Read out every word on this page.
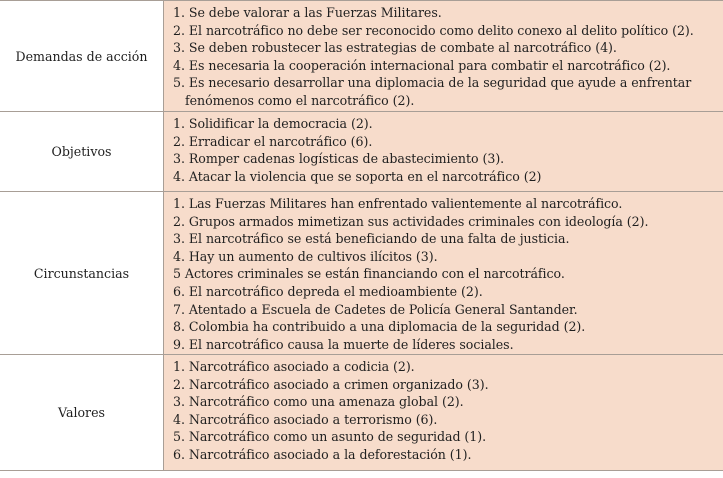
Demandas de acción

1. Se debe valorar a las Fuerzas Militares.

2. El narcotráfico no debe ser reconocido como delito conexo al delito político (2).

3. Se deben robustecer las estrategias de combate al narcotráfico (4).

4. Es necesaria la cooperación internacional para combatir el narcotráfico (2).

5. Es necesario desarrollar una diplomacia de la seguridad que ayude a enfrentar fenómenos como el narcotráfico (2).

Objetivos

1. Solidificar la democracia (2).

2. Erradicar el narcotráfico (6).

3. Romper cadenas logísticas de abastecimiento (3).

4. Atacar la violencia que se soporta en el narcotráfico (2)

Circunstancias

1. Las Fuerzas Militares han enfrentado valientemente al narcotráfico.

2. Grupos armados mimetizan sus actividades criminales con ideología (2).

3. El narcotráfico se está beneficiando de una falta de justicia.

4. Hay un aumento de cultivos ilícitos (3).

5 Actores criminales se están financiando con el narcotráfico.

6. El narcotráfico depreda el medioambiente (2).

7. Atentado a Escuela de Cadetes de Policía General Santander.

8. Colombia ha contribuido a una diplomacia de la seguridad (2).

9. El narcotráfico causa la muerte de líderes sociales.

Valores

1. Narcotráfico asociado a codicia (2).

2. Narcotráfico asociado a crimen organizado (3).

3. Narcotráfico como una amenaza global (2).

4. Narcotráfico asociado a terrorismo (6).

5. Narcotráfico como un asunto de seguridad (1).

6. Narcotráfico asociado a la deforestación (1).
